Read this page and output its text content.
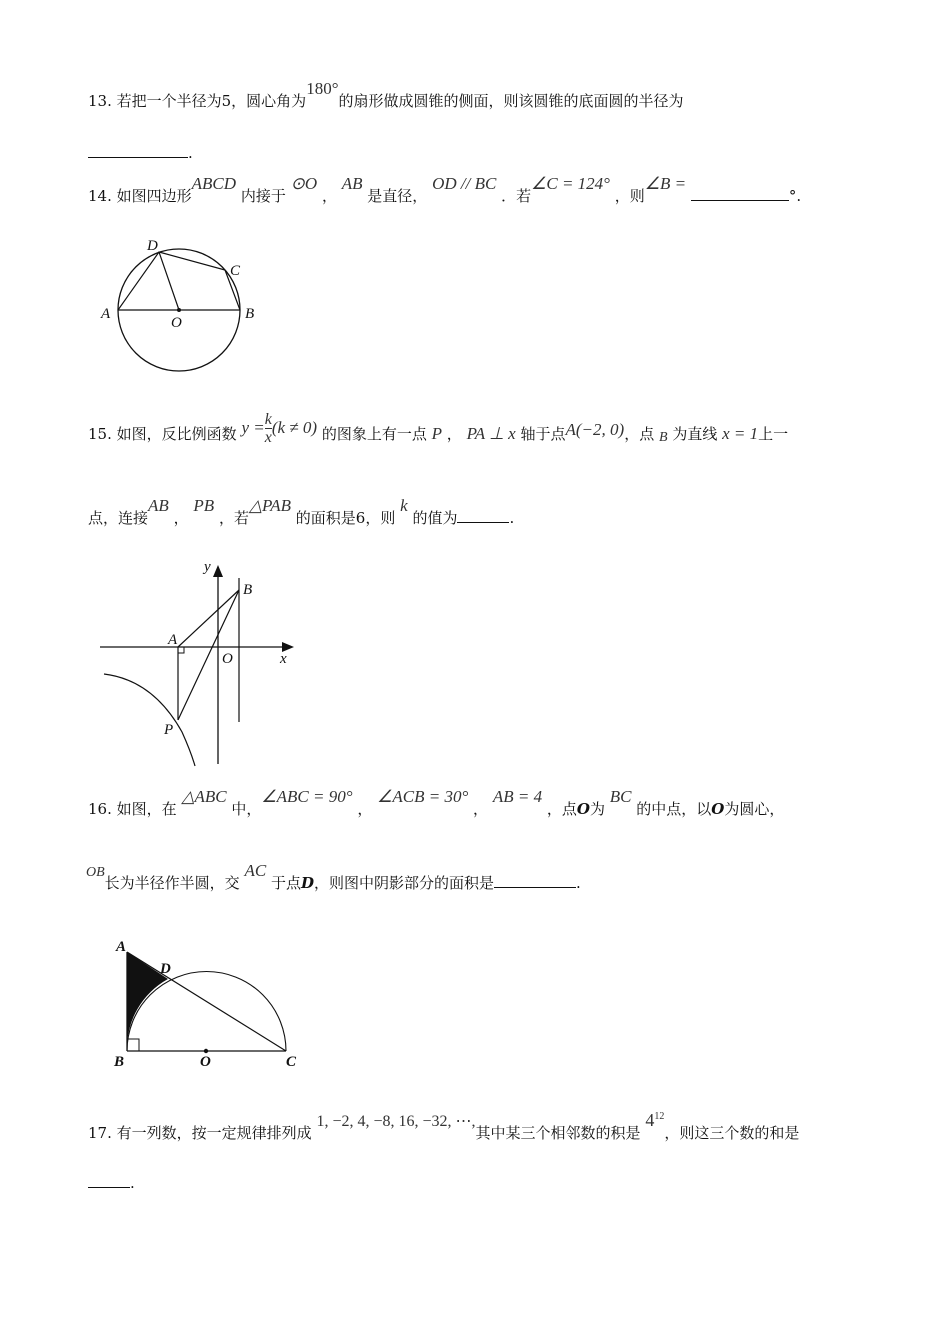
13. 若把一个半径为5，圆心角为180°的扇形做成圆锥的侧面，则该圆锥的底面圆的半径为
.
14. 如图四边形ABCD 内接于 ⊙O ， AB 是直径， OD // BC ．若∠C = 124° ，则∠B = °.
D
C
A
O
B
15. 如图，反比例函数 $y = \frac{k}{x} (k \ne 0)$ 的图象上有一点 P ， PA ⊥ x 轴于点A(−2, 0)，点 B 为直线 x = 1上一
点，连接AB ， PB ，若△PAB 的面积是6，则 k 的值为	.
y
B
A
O	x
P
16. 如图，在 △ABC 中，∠ABC = 90° ， ∠ACB = 30° ， AB = 4 ，点O为 BC 的中点，以O为圆心，
OB长为半径作半圆，交 AC 于点D，则图中阴影部分的面积是	.
A
D
B	O	C
17. 有一列数，按一定规律排列成 1, −2, 4, −8, 16, −32, ⋯,其中某三个相邻数的积是 $4^{12}$，则这三个数的和是
.
